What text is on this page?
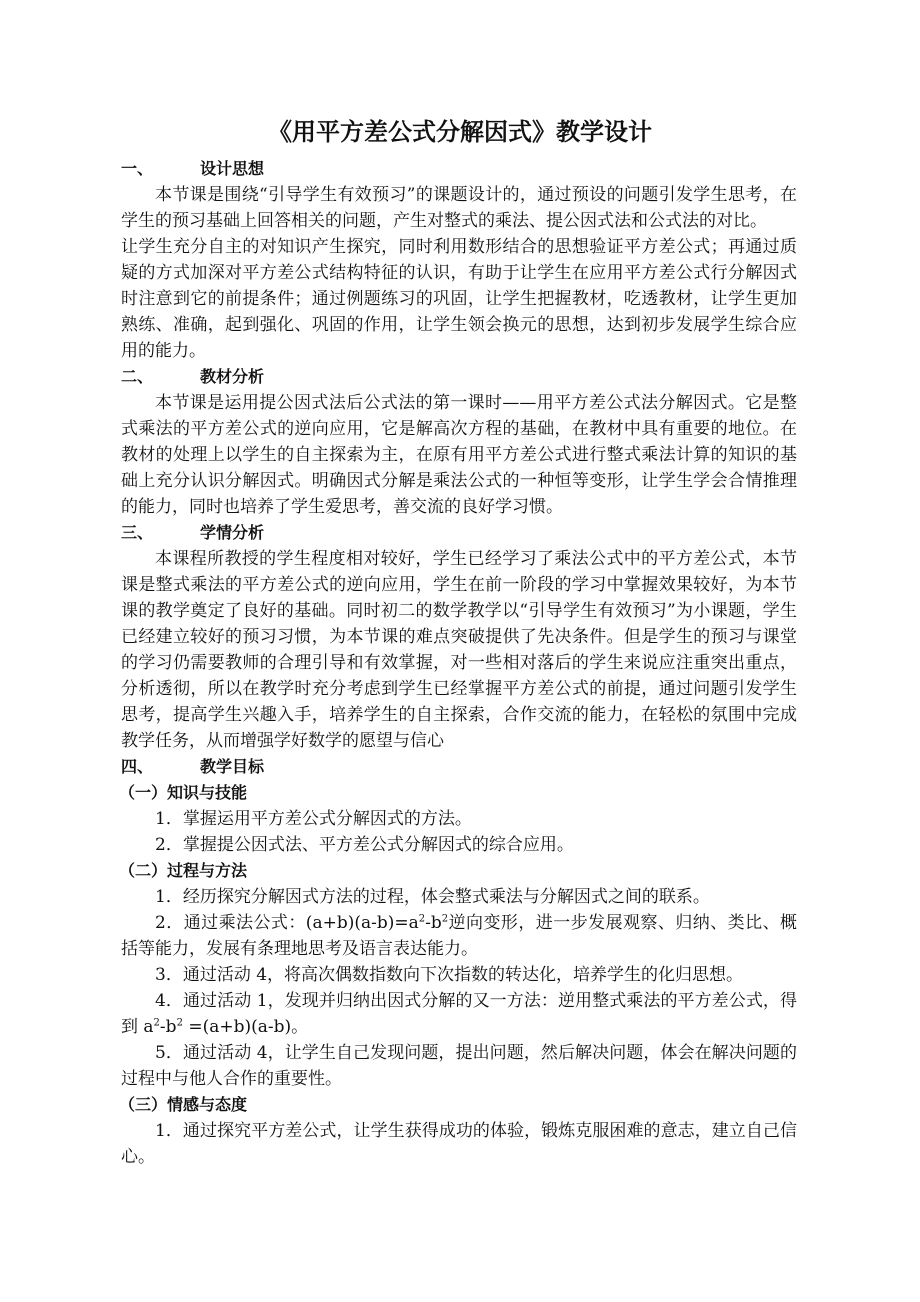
《用平方差公式分解因式》教学设计
一、	设计思想

本节课是围绕“引导学生有效预习”的课题设计的，通过预设的问题引发学生思考，在学生的预习基础上回答相关的问题，产生对整式的乘法、提公因式法和公式法的对比。

让学生充分自主的对知识产生探究，同时利用数形结合的思想验证平方差公式；再通过质疑的方式加深对平方差公式结构特征的认识，有助于让学生在应用平方差公式行分解因式时注意到它的前提条件；通过例题练习的巩固，让学生把握教材，吃透教材，让学生更加熟练、准确，起到强化、巩固的作用，让学生领会换元的思想，达到初步发展学生综合应用的能力。

二、	教材分析

本节课是运用提公因式法后公式法的第一课时——用平方差公式法分解因式。它是整式乘法的平方差公式的逆向应用，它是解高次方程的基础，在教材中具有重要的地位。在教材的处理上以学生的自主探索为主，在原有用平方差公式进行整式乘法计算的知识的基础上充分认识分解因式。明确因式分解是乘法公式的一种恒等变形，让学生学会合情推理的能力，同时也培养了学生爱思考，善交流的良好学习惯。

三、	学情分析

本课程所教授的学生程度相对较好，学生已经学习了乘法公式中的平方差公式，本节课是整式乘法的平方差公式的逆向应用，学生在前一阶段的学习中掌握效果较好，为本节课的教学奠定了良好的基础。同时初二的数学教学以“引导学生有效预习”为小课题，学生已经建立较好的预习习惯，为本节课的难点突破提供了先决条件。但是学生的预习与课堂的学习仍需要教师的合理引导和有效掌握，对一些相对落后的学生来说应注重突出重点，分析透彻，所以在教学时充分考虑到学生已经掌握平方差公式的前提，通过问题引发学生思考，提高学生兴趣入手，培养学生的自主探索，合作交流的能力，在轻松的氛围中完成教学任务，从而增强学好数学的愿望与信心

四、	教学目标
（一）知识与技能

1．掌握运用平方差公式分解因式的方法。

2．掌握提公因式法、平方差公式分解因式的综合应用。

（二）过程与方法

1．经历探究分解因式方法的过程，体会整式乘法与分解因式之间的联系。

2．通过乘法公式：$(a+b)(a-b)=a^2-b^2$逆向变形，进一步发展观察、归纳、类比、概括等能力，发展有条理地思考及语言表达能力。

3．通过活动 4，将高次偶数指数向下次指数的转达化，培养学生的化归思想。

4．通过活动 1，发现并归纳出因式分解的又一方法：逆用整式乘法的平方差公式，得到 $a^2-b^2 =(a+b)(a-b)$。

5．通过活动 4，让学生自己发现问题，提出问题，然后解决问题，体会在解决问题的过程中与他人合作的重要性。

（三）情感与态度

1．通过探究平方差公式，让学生获得成功的体验，锻炼克服困难的意志，建立自己信心。
